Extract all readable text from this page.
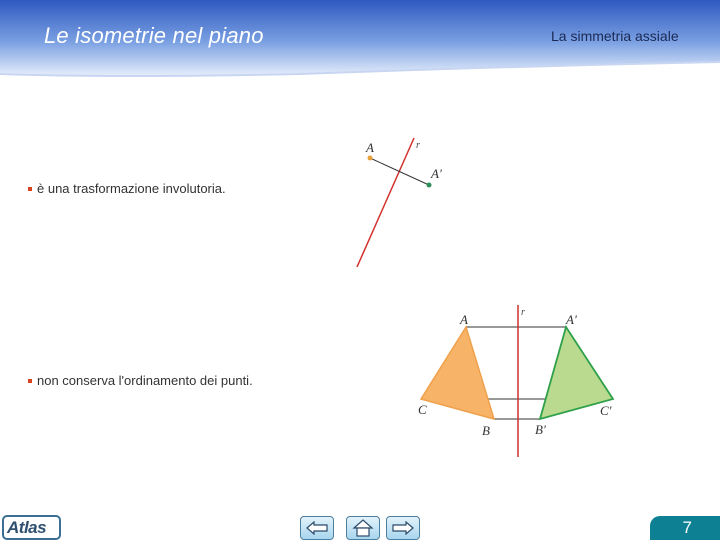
Le isometrie nel piano	La simmetria assiale
è una trasformazione involutoria.
non conserva l'ordinamento dei punti.
r
A
A'
r
A	A'
C	C'
B	B'
Atlas	7
